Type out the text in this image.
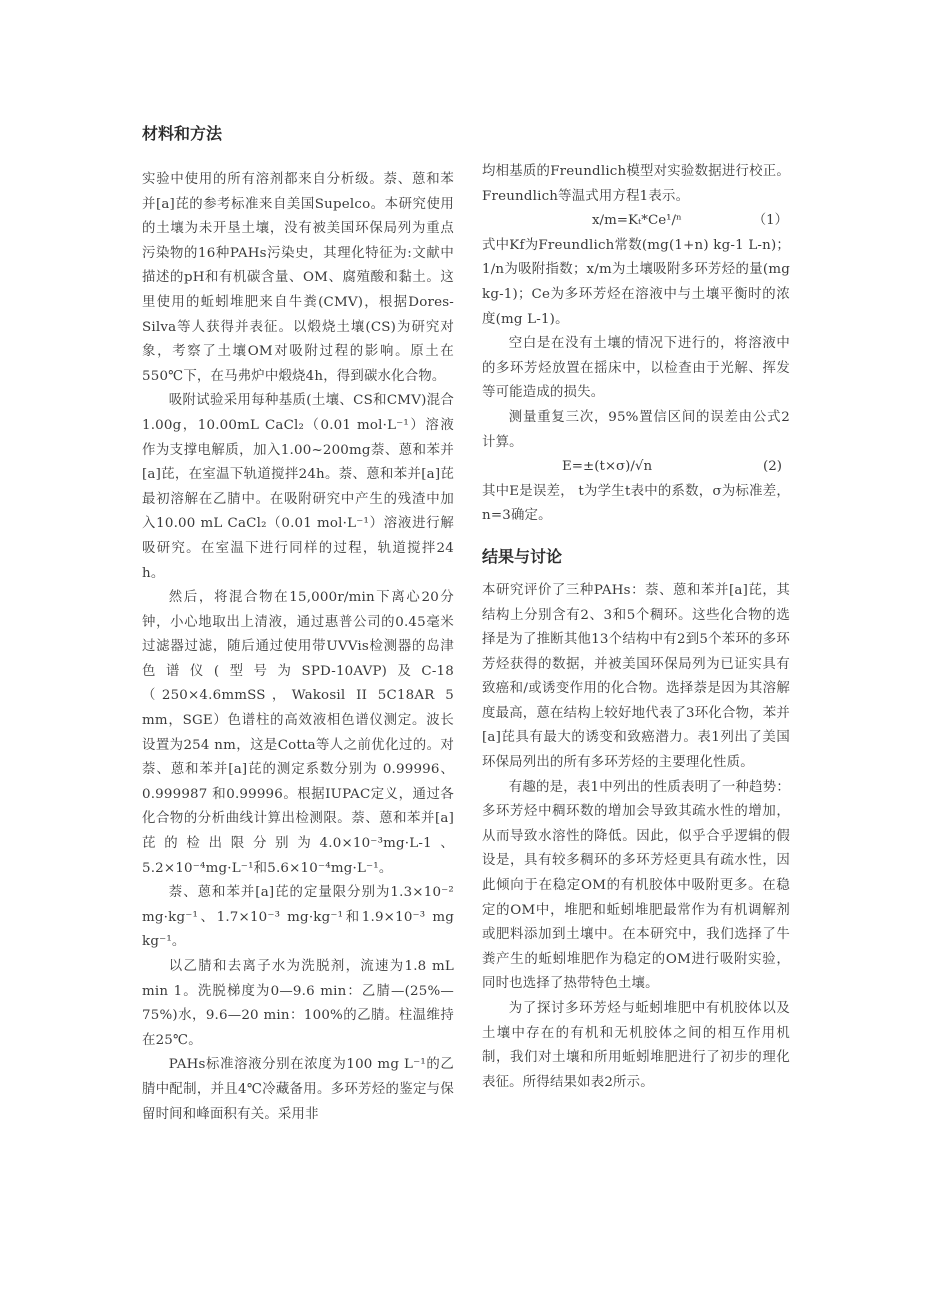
材料和方法

实验中使用的所有溶剂都来自分析级。萘、蒽和苯并[a]芘的参考标准来自美国Supelco。本研究使用的土壤为未开垦土壤，没有被美国环保局列为重点污染物的16种PAHs污染史，其理化特征为:文献中描述的pH和有机碳含量、OM、腐殖酸和黏土。这里使用的蚯蚓堆肥来自牛粪(CMV)，根据Dores-Silva等人获得并表征。以煅烧土壤(CS)为研究对象，考察了土壤OM对吸附过程的影响。原土在550℃下，在马弗炉中煅烧4h，得到碳水化合物。

吸附试验采用每种基质(土壤、CS和CMV)混合1.00g，10.00mL CaCl₂（0.01 mol·L⁻¹）溶液作为支撑电解质，加入1.00~200mg萘、蒽和苯并[a]芘，在室温下轨道搅拌24h。萘、蒽和苯并[a]芘最初溶解在乙腈中。在吸附研究中产生的残渣中加入10.00 mL CaCl₂（0.01 mol·L⁻¹）溶液进行解吸研究。在室温下进行同样的过程，轨道搅拌24 h。

然后，将混合物在15,000r/min下离心20分钟，小心地取出上清液，通过惠普公司的0.45毫米过滤器过滤，随后通过使用带UVVis检测器的岛津色谱仪(型号为SPD-10AVP)及C-18（250×4.6mmSS，Wakosil II 5C18AR 5 mm，SGE）色谱柱的高效液相色谱仪测定。波长设置为254 nm，这是Cotta等人之前优化过的。对萘、蒽和苯并[a]芘的测定系数分别为 0.99996、0.999987 和0.99996。根据IUPAC定义，通过各化合物的分析曲线计算出检测限。萘、蒽和苯并[a]芘的检出限分别为4.0×10⁻³mg·L-1、5.2×10⁻⁴mg·L⁻¹和5.6×10⁻⁴mg·L⁻¹。

萘、蒽和苯并[a]芘的定量限分别为1.3×10⁻² mg·kg⁻¹、1.7×10⁻³ mg·kg⁻¹和1.9×10⁻³ mg kg⁻¹。

以乙腈和去离子水为洗脱剂，流速为1.8 mL min 1。洗脱梯度为0—9.6 min：乙腈—(25%—75%)水，9.6—20 min：100%的乙腈。柱温维持在25℃。

PAHs标准溶液分别在浓度为100 mg L⁻¹的乙腈中配制，并且4℃冷藏备用。多环芳烃的鉴定与保留时间和峰面积有关。采用非

均相基质的Freundlich模型对实验数据进行校正。Freundlich等温式用方程1表示。

x/m=Kₜ*Ce¹/ⁿ	（1）

式中Kf为Freundlich常数(mg(1+n) kg-1 L-n)；1/n为吸附指数；x/m为土壤吸附多环芳烃的量(mg kg-1)；Ce为多环芳烃在溶液中与土壤平衡时的浓度(mg L-1)。

空白是在没有土壤的情况下进行的，将溶液中的多环芳烃放置在摇床中，以检查由于光解、挥发等可能造成的损失。

测量重复三次，95%置信区间的误差由公式2计算。

E=±(t×σ)/√n	(2)

其中E是误差， t为学生t表中的系数，σ为标准差，n=3确定。

结果与讨论

本研究评价了三种PAHs：萘、蒽和苯并[a]芘，其结构上分别含有2、3和5个稠环。这些化合物的选择是为了推断其他13个结构中有2到5个苯环的多环芳烃获得的数据，并被美国环保局列为已证实具有致癌和/或诱变作用的化合物。选择萘是因为其溶解度最高，蒽在结构上较好地代表了3环化合物，苯并[a]芘具有最大的诱变和致癌潜力。表1列出了美国环保局列出的所有多环芳烃的主要理化性质。

有趣的是，表1中列出的性质表明了一种趋势：多环芳烃中稠环数的增加会导致其疏水性的增加，从而导致水溶性的降低。因此，似乎合乎逻辑的假设是，具有较多稠环的多环芳烃更具有疏水性，因此倾向于在稳定OM的有机胶体中吸附更多。在稳定的OM中，堆肥和蚯蚓堆肥最常作为有机调解剂或肥料添加到土壤中。在本研究中，我们选择了牛粪产生的蚯蚓堆肥作为稳定的OM进行吸附实验，同时也选择了热带特色土壤。

为了探讨多环芳烃与蚯蚓堆肥中有机胶体以及土壤中存在的有机和无机胶体之间的相互作用机制，我们对土壤和所用蚯蚓堆肥进行了初步的理化表征。所得结果如表2所示。
